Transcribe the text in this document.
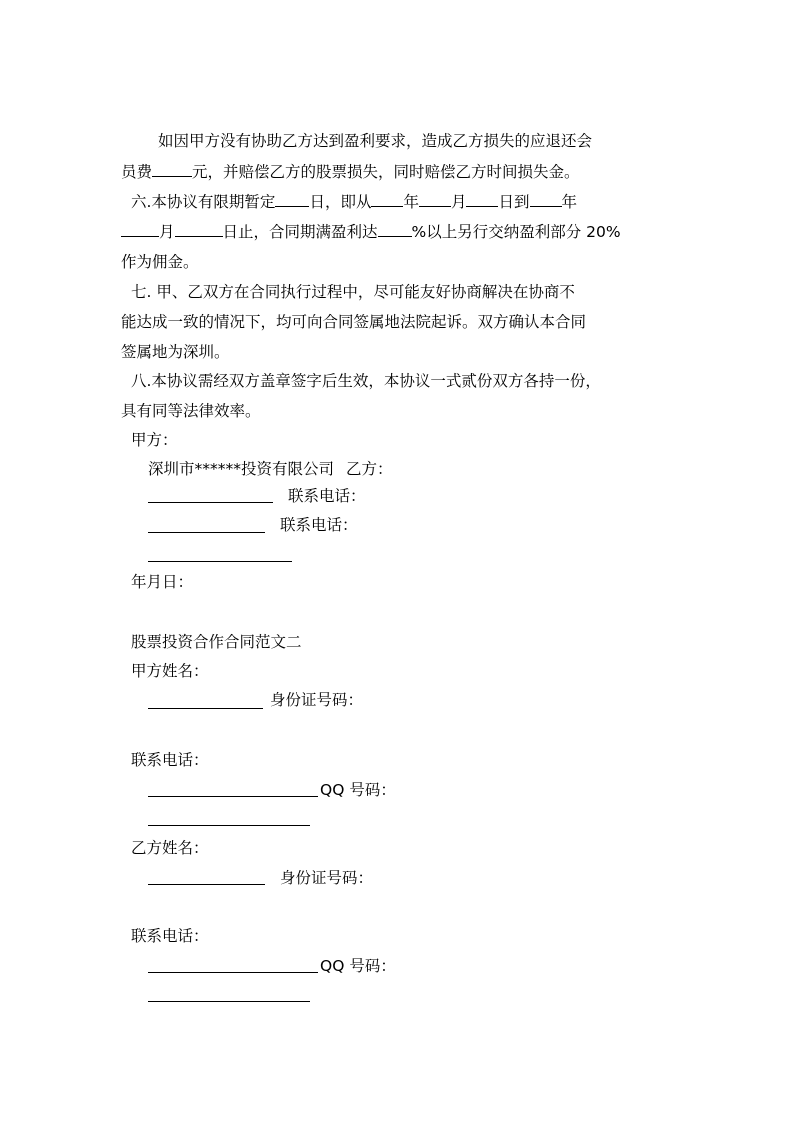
如因甲方没有协助乙方达到盈利要求，造成乙方损失的应退还会
员费	元，并赔偿乙方的股票损失，同时赔偿乙方时间损失金。
六.本协议有限期暂定 日，即从 年 月 日到 年
月	日止，合同期满盈利达 %以上另行交纳盈利部分 20%
作为佣金。
七. 甲、乙双方在合同执行过程中，尽可能友好协商解决在协商不
能达成一致的情况下，均可向合同签属地法院起诉。双方确认本合同
签属地为深圳。
八.本协议需经双方盖章签字后生效，本协议一式贰份双方各持一份，
具有同等法律效率。
甲方：
深圳市******投资有限公司 乙方：
联系电话：
联系电话：
年月日：
股票投资合作合同范文二
甲方姓名：
身份证号码：
联系电话：
QQ 号码：
乙方姓名：
身份证号码：
联系电话：
QQ 号码：
